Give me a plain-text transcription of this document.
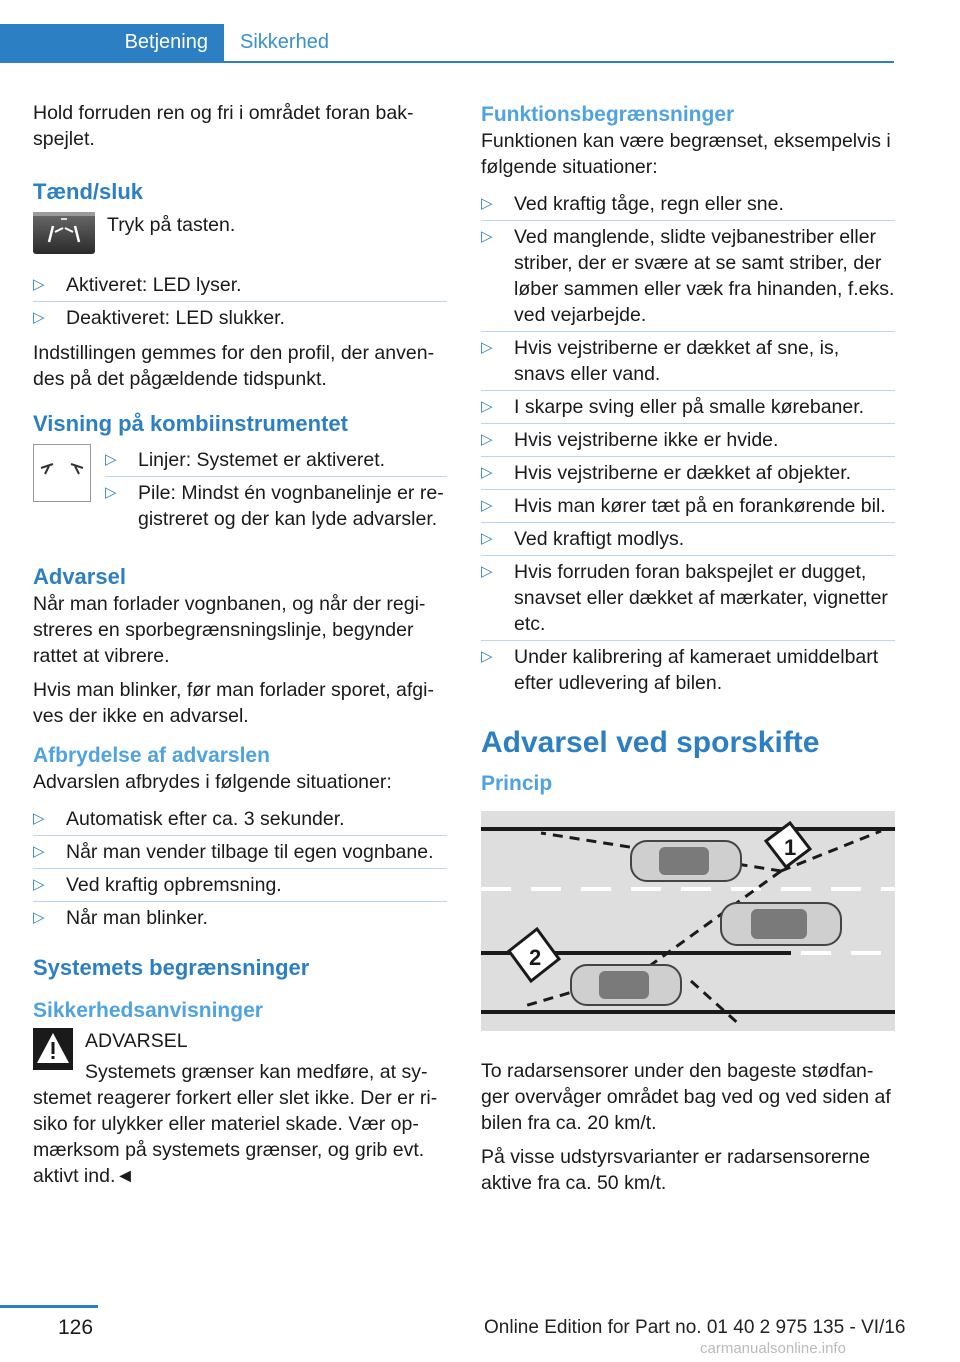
Betjening	Sikkerhed

Hold forruden ren og fri i området foran bakspejlet.

Tænd/sluk

Tryk på tasten.

▷ Aktiveret: LED lyser.
▷ Deaktiveret: LED slukker.

Indstillingen gemmes for den profil, der anvendes på det pågældende tidspunkt.

Visning på kombiinstrumentet
▷ Linjer: Systemet er aktiveret.
▷ Pile: Mindst én vognbanelinje er registreret og der kan lyde advarsler.
Advarsel

Når man forlader vognbanen, og når der registreres en sporbegrænsningslinje, begynder rattet at vibrere.

Hvis man blinker, før man forlader sporet, afgives der ikke en advarsel.

Afbrydelse af advarslen

Advarslen afbrydes i følgende situationer:

▷ Automatisk efter ca. 3 sekunder.
▷ Når man vender tilbage til egen vognbane.
▷ Ved kraftig opbremsning.
▷ Når man blinker.
Systemets begrænsninger
Sikkerhedsanvisninger

ADVARSEL

Systemets grænser kan medføre, at systemet reagerer forkert eller slet ikke. Der er risiko for ulykker eller materiel skade. Vær opmærksom på systemets grænser, og grib evt. aktivt ind.◄

Funktionsbegrænsninger

Funktionen kan være begrænset, eksempelvis i følgende situationer:

▷ Ved kraftig tåge, regn eller sne.
▷ Ved manglende, slidte vejbanestriber eller striber, der er svære at se samt striber, der løber sammen eller væk fra hinanden, f.eks. ved vejarbejde.
▷ Hvis vejstriberne er dækket af sne, is, snavs eller vand.
▷ I skarpe sving eller på smalle kørebaner.
▷ Hvis vejstriberne ikke er hvide.
▷ Hvis vejstriberne er dækket af objekter.
▷ Hvis man kører tæt på en forankørende bil.
▷ Ved kraftigt modlys.
▷ Hvis forruden foran bakspejlet er dugget, snavset eller dækket af mærkater, vignetter etc.
▷ Under kalibrering af kameraet umiddelbart efter udlevering af bilen.
Advarsel ved sporskifte
Princip
1
2

To radarsensorer under den bageste stødfanger overvåger området bag ved og ved siden af bilen fra ca. 20 km/t.

På visse udstyrsvarianter er radarsensorerne aktive fra ca. 50 km/t.

126	Online Edition for Part no. 01 40 2 975 135 - VI/16
carmanualsonline.info
